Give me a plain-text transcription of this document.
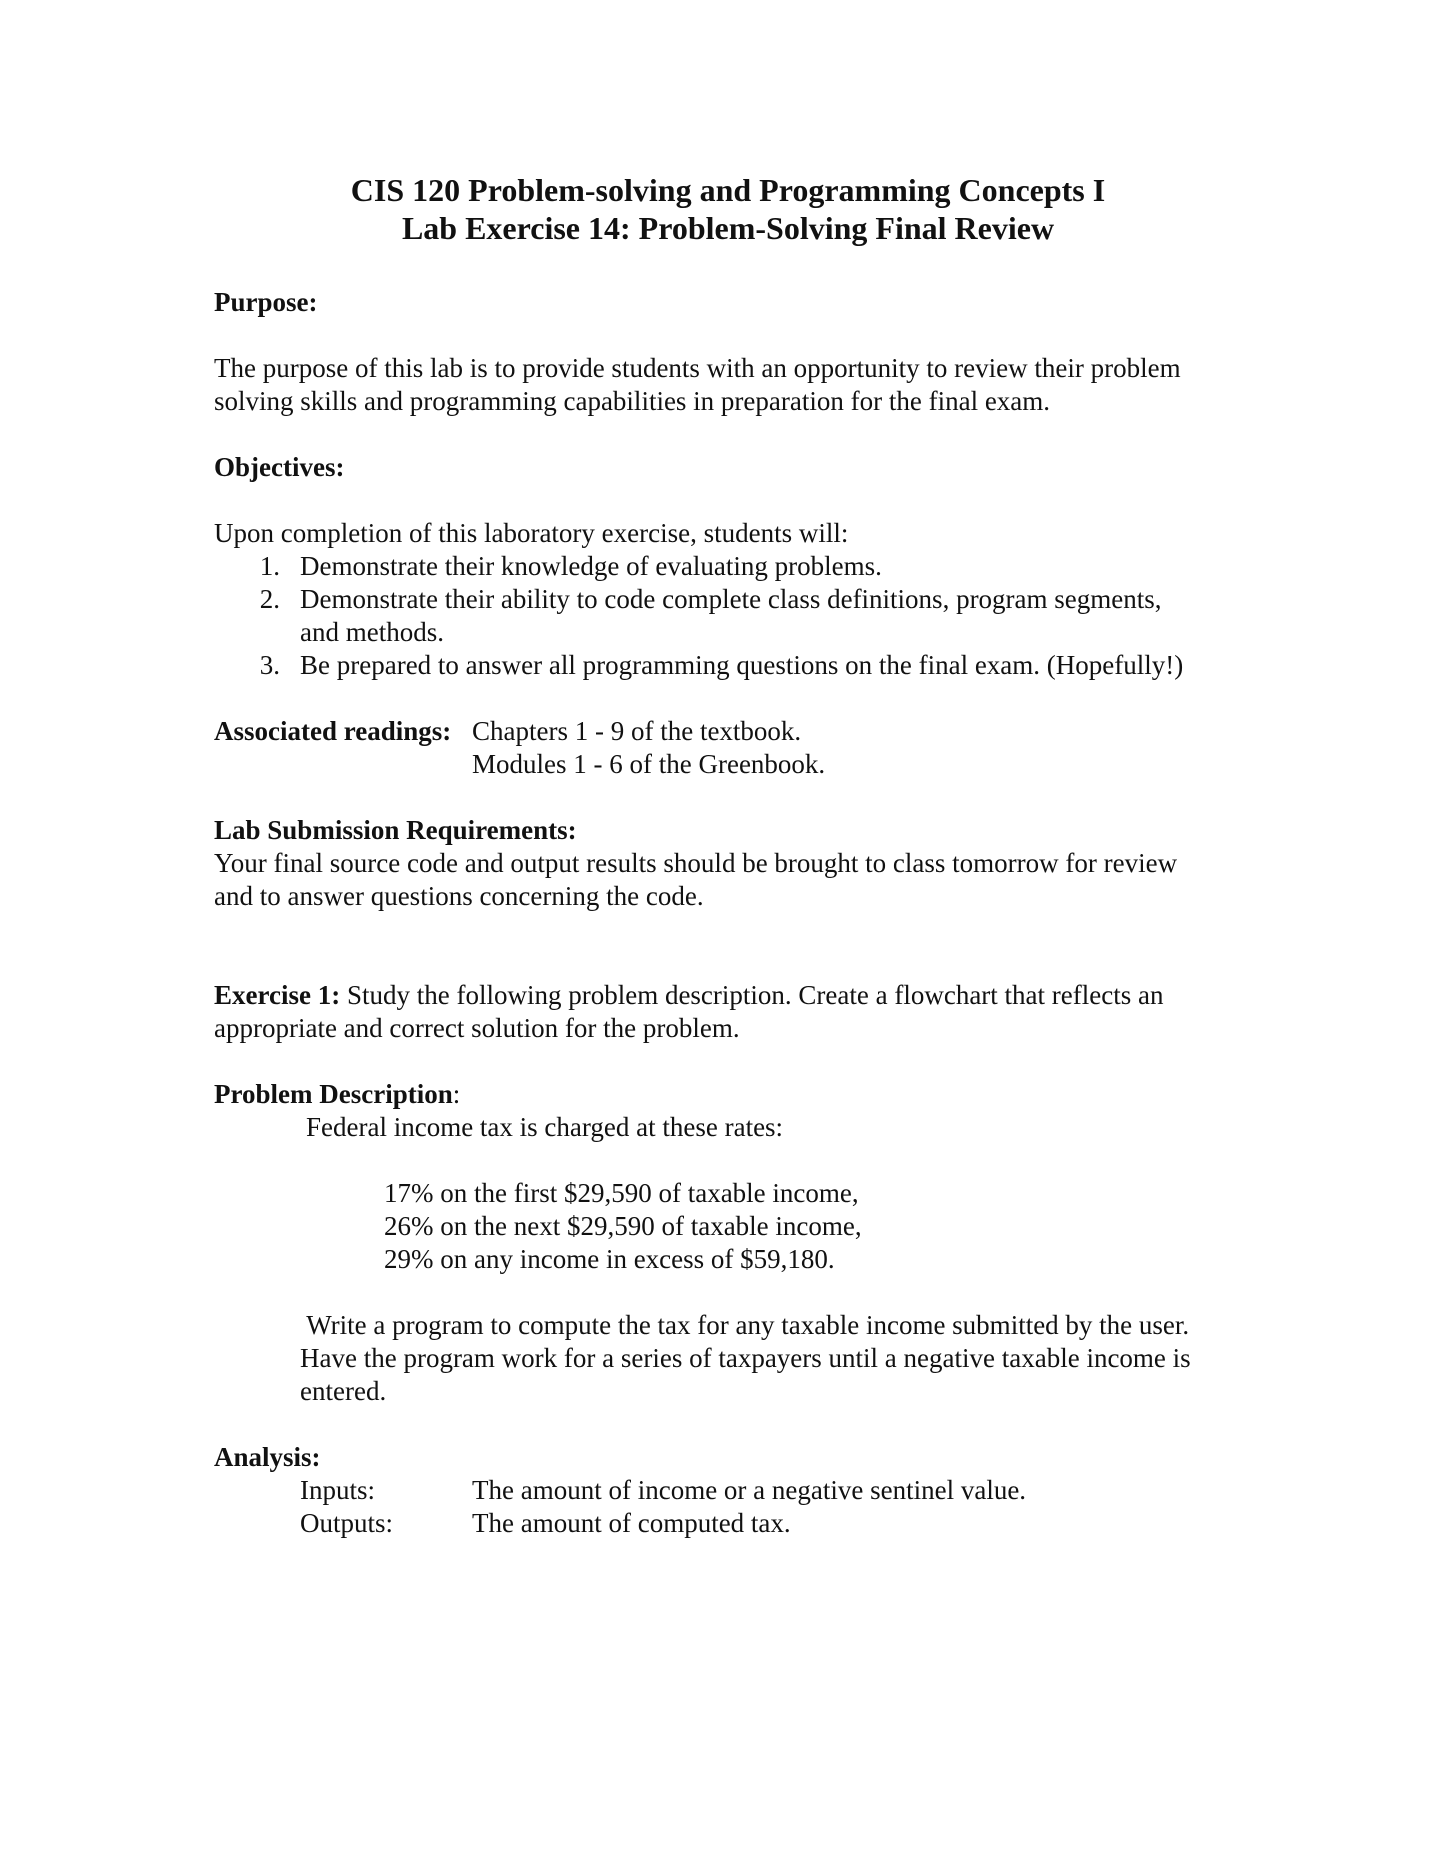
CIS 120 Problem-solving and Programming Concepts I
Lab Exercise 14: Problem-Solving Final Review
Purpose:
The purpose of this lab is to provide students with an opportunity to review their problem
solving skills and programming capabilities in preparation for the final exam.
Objectives:
Upon completion of this laboratory exercise, students will:
1. Demonstrate their knowledge of evaluating problems.
2. Demonstrate their ability to code complete class definitions, program segments,
and methods.
3. Be prepared to answer all programming questions on the final exam. (Hopefully!)
Associated readings: Chapters 1 - 9 of the textbook.
Modules 1 - 6 of the Greenbook.
Lab Submission Requirements:
Your final source code and output results should be brought to class tomorrow for review
and to answer questions concerning the code.
Exercise 1: Study the following problem description. Create a flowchart that reflects an
appropriate and correct solution for the problem.
Problem Description:
Federal income tax is charged at these rates:
17% on the first $29,590 of taxable income,
26% on the next $29,590 of taxable income,
29% on any income in excess of $59,180.
Write a program to compute the tax for any taxable income submitted by the user.
Have the program work for a series of taxpayers until a negative taxable income is
entered.
Analysis:
Inputs:	The amount of income or a negative sentinel value.
Outputs:	The amount of computed tax.
